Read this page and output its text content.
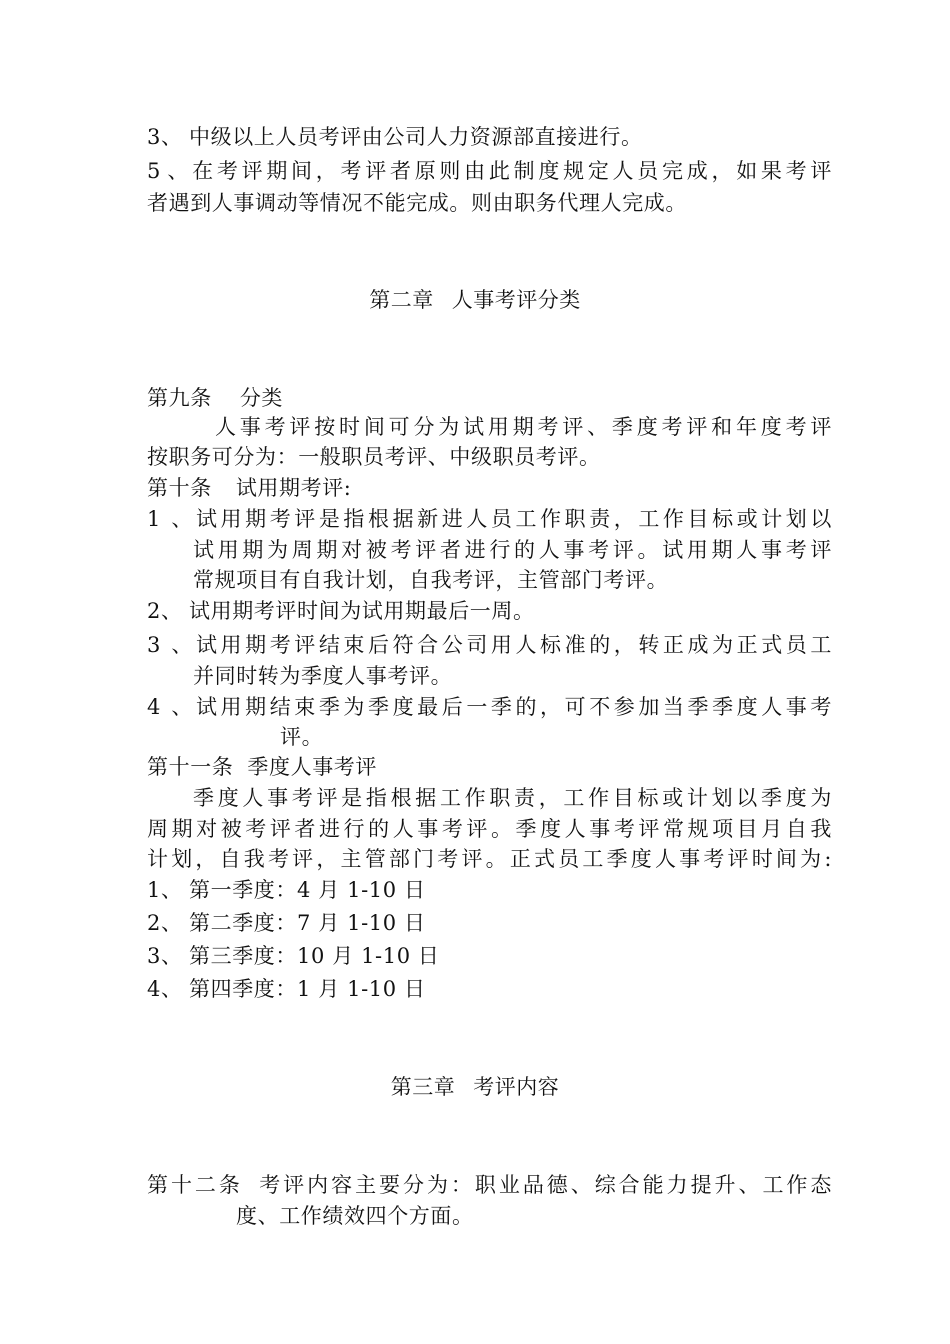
3、 中级以上人员考评由公司人力资源部直接进行。
5、在考评期间，考评者原则由此制度规定人员完成，如果考评
者遇到人事调动等情况不能完成。则由职务代理人完成。
第二章 人事考评分类
第九条 分类
人事考评按时间可分为试用期考评、季度考评和年度考评
按职务可分为：一般职员考评、中级职员考评。
第十条 试用期考评:
1、试用期考评是指根据新进人员工作职责，工作目标或计划以
试用期为周期对被考评者进行的人事考评。试用期人事考评
常规项目有自我计划，自我考评，主管部门考评。
2、 试用期考评时间为试用期最后一周。
3、试用期考评结束后符合公司用人标准的，转正成为正式员工
并同时转为季度人事考评。
4、试用期结束季为季度最后一季的，可不参加当季季度人事考
评。
第十一条 季度人事考评
季度人事考评是指根据工作职责，工作目标或计划以季度为
周期对被考评者进行的人事考评。季度人事考评常规项目月自我
计划，自我考评，主管部门考评。正式员工季度人事考评时间为:
1、 第一季度：4 月 1-10 日
2、 第二季度：7 月 1-10 日
3、 第三季度：10 月 1-10 日
4、 第四季度：1 月 1-10 日
第三章 考评内容
第十二条 考评内容主要分为：职业品德、综合能力提升、工作态
度、工作绩效四个方面。
